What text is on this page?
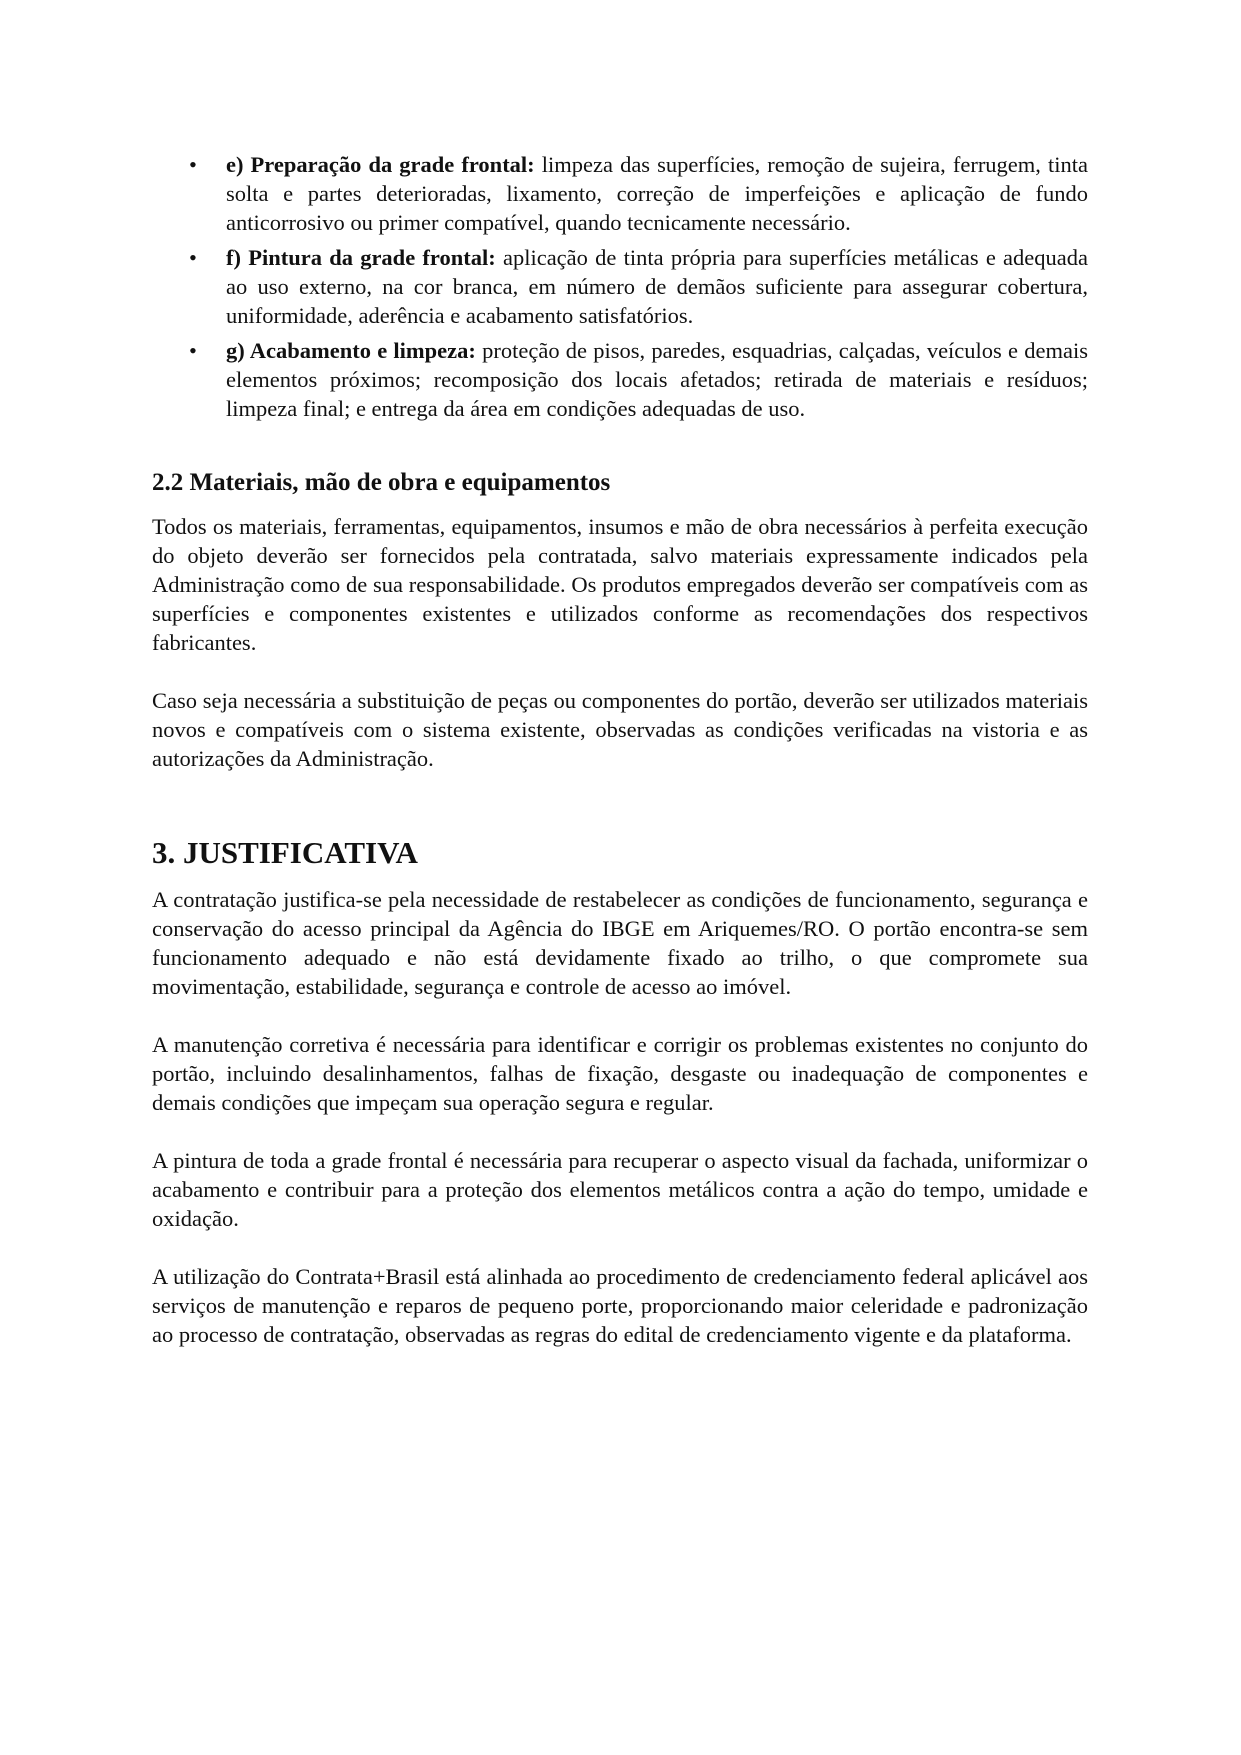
• e) Preparação da grade frontal: limpeza das superfícies, remoção de sujeira, ferrugem, tinta solta e partes deterioradas, lixamento, correção de imperfeições e aplicação de fundo anticorrosivo ou primer compatível, quando tecnicamente necessário.
• f) Pintura da grade frontal: aplicação de tinta própria para superfícies metálicas e adequada ao uso externo, na cor branca, em número de demãos suficiente para assegurar cobertura, uniformidade, aderência e acabamento satisfatórios.
• g) Acabamento e limpeza: proteção de pisos, paredes, esquadrias, calçadas, veículos e demais elementos próximos; recomposição dos locais afetados; retirada de materiais e resíduos; limpeza final; e entrega da área em condições adequadas de uso.
2.2 Materiais, mão de obra e equipamentos

Todos os materiais, ferramentas, equipamentos, insumos e mão de obra necessários à perfeita execução do objeto deverão ser fornecidos pela contratada, salvo materiais expressamente indicados pela Administração como de sua responsabilidade. Os produtos empregados deverão ser compatíveis com as superfícies e componentes existentes e utilizados conforme as recomendações dos respectivos fabricantes.

Caso seja necessária a substituição de peças ou componentes do portão, deverão ser utilizados materiais novos e compatíveis com o sistema existente, observadas as condições verificadas na vistoria e as autorizações da Administração.

3. JUSTIFICATIVA

A contratação justifica-se pela necessidade de restabelecer as condições de funcionamento, segurança e conservação do acesso principal da Agência do IBGE em Ariquemes/RO. O portão encontra-se sem funcionamento adequado e não está devidamente fixado ao trilho, o que compromete sua movimentação, estabilidade, segurança e controle de acesso ao imóvel.

A manutenção corretiva é necessária para identificar e corrigir os problemas existentes no conjunto do portão, incluindo desalinhamentos, falhas de fixação, desgaste ou inadequação de componentes e demais condições que impeçam sua operação segura e regular.

A pintura de toda a grade frontal é necessária para recuperar o aspecto visual da fachada, uniformizar o acabamento e contribuir para a proteção dos elementos metálicos contra a ação do tempo, umidade e oxidação.

A utilização do Contrata+Brasil está alinhada ao procedimento de credenciamento federal aplicável aos serviços de manutenção e reparos de pequeno porte, proporcionando maior celeridade e padronização ao processo de contratação, observadas as regras do edital de credenciamento vigente e da plataforma.
